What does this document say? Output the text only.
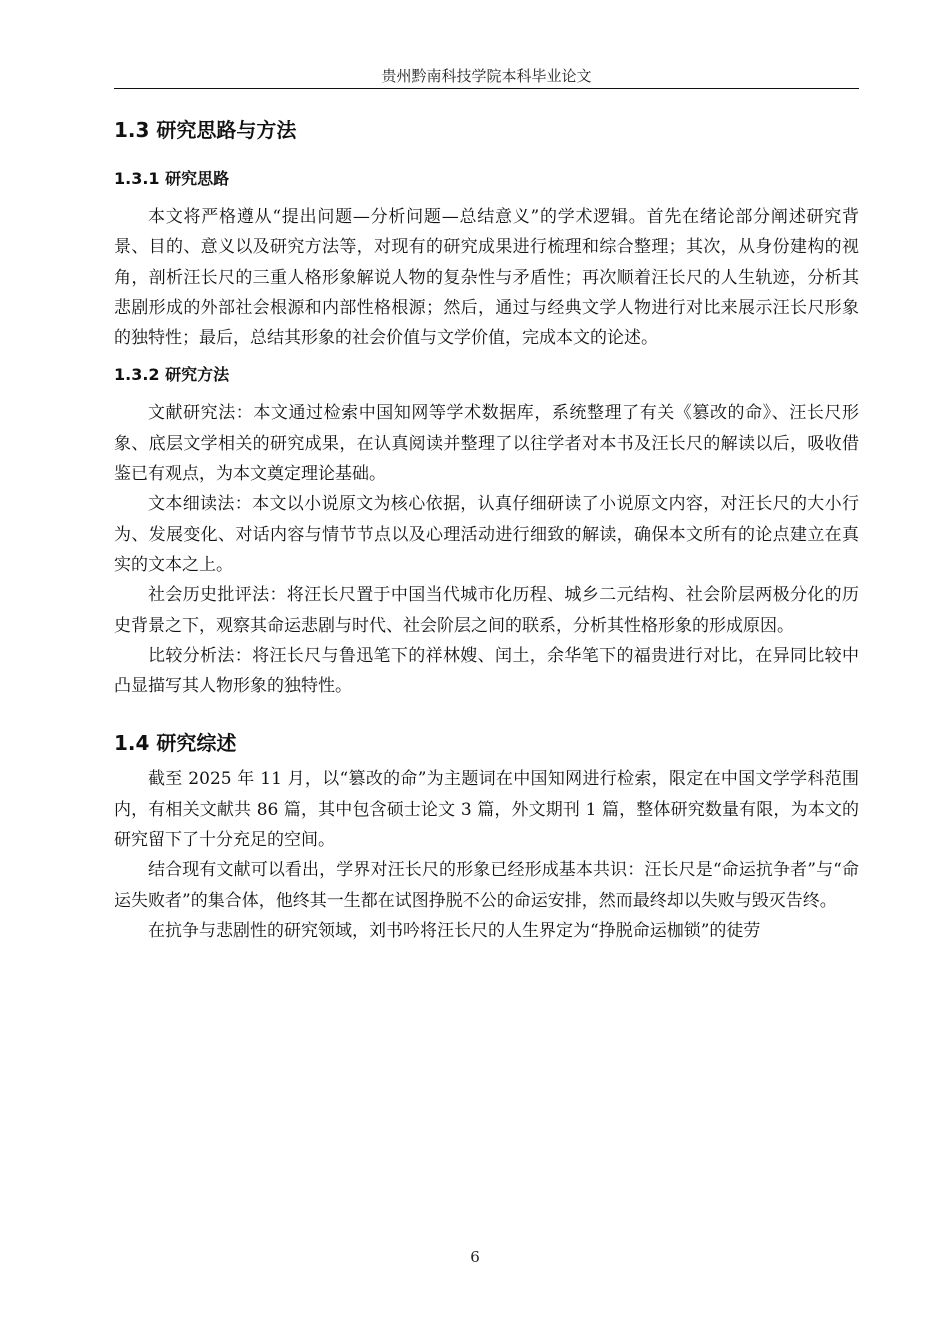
贵州黔南科技学院本科毕业论文
1.3 研究思路与方法
1.3.1 研究思路

本文将严格遵从“提出问题—分析问题—总结意义”的学术逻辑。首先在绪论部分阐述研究背景、目的、意义以及研究方法等，对现有的研究成果进行梳理和综合整理；其次，从身份建构的视角，剖析汪长尺的三重人格形象解说人物的复杂性与矛盾性；再次顺着汪长尺的人生轨迹，分析其悲剧形成的外部社会根源和内部性格根源；然后，通过与经典文学人物进行对比来展示汪长尺形象的独特性；最后，总结其形象的社会价值与文学价值，完成本文的论述。

1.3.2 研究方法

文献研究法：本文通过检索中国知网等学术数据库，系统整理了有关《篡改的命》、汪长尺形象、底层文学相关的研究成果，在认真阅读并整理了以往学者对本书及汪长尺的解读以后，吸收借鉴已有观点，为本文奠定理论基础。

文本细读法：本文以小说原文为核心依据，认真仔细研读了小说原文内容，对汪长尺的大小行为、发展变化、对话内容与情节节点以及心理活动进行细致的解读，确保本文所有的论点建立在真实的文本之上。

社会历史批评法：将汪长尺置于中国当代城市化历程、城乡二元结构、社会阶层两极分化的历史背景之下，观察其命运悲剧与时代、社会阶层之间的联系，分析其性格形象的形成原因。

比较分析法：将汪长尺与鲁迅笔下的祥林嫂、闰土，余华笔下的福贵进行对比，在异同比较中凸显描写其人物形象的独特性。

1.4 研究综述

截至 2025 年 11 月，以“篡改的命”为主题词在中国知网进行检索，限定在中国文学学科范围内，有相关文献共 86 篇，其中包含硕士论文 3 篇，外文期刊 1 篇，整体研究数量有限，为本文的研究留下了十分充足的空间。

结合现有文献可以看出，学界对汪长尺的形象已经形成基本共识：汪长尺是“命运抗争者”与“命运失败者”的集合体，他终其一生都在试图挣脱不公的命运安排，然而最终却以失败与毁灭告终。

在抗争与悲剧性的研究领域，刘书吟将汪长尺的人生界定为“挣脱命运枷锁”的徒劳

6
